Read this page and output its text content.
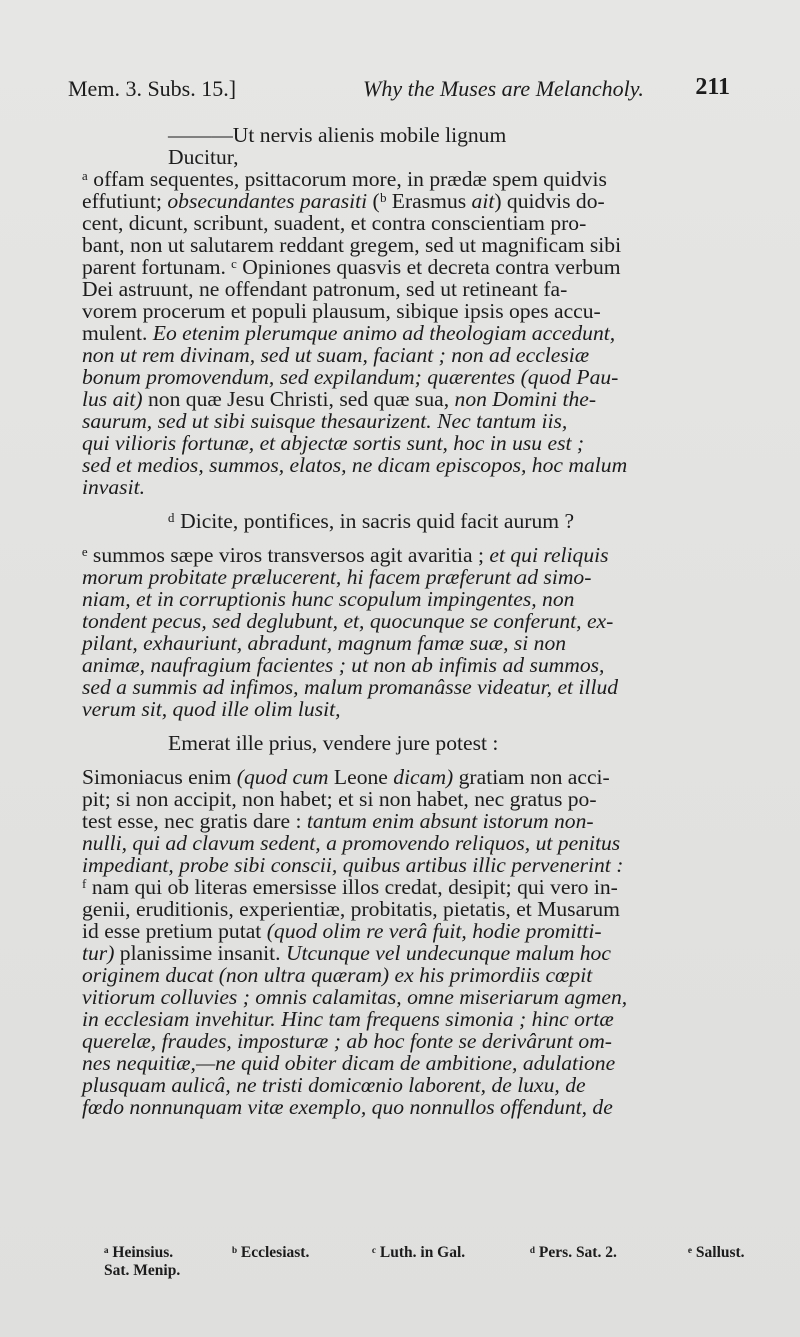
Mem. 3. Subs. 15.]	Why the Muses are Melancholy. 211
———Ut nervis alienis mobile lignum
Ducitur,
ᵃ offam sequentes, psittacorum more, in prædæ spem quidvis
effutiunt; obsecundantes parasiti (ᵇ Erasmus ait) quidvis do-
cent, dicunt, scribunt, suadent, et contra conscientiam pro-
bant, non ut salutarem reddant gregem, sed ut magnificam sibi
parent fortunam. ᶜ Opiniones quasvis et decreta contra verbum
Dei astruunt, ne offendant patronum, sed ut retineant fa-
vorem procerum et populi plausum, sibique ipsis opes accu-
mulent. Eo etenim plerumque animo ad theologiam accedunt,
non ut rem divinam, sed ut suam, faciant ; non ad ecclesiæ
bonum promovendum, sed expilandum; quærentes (quod Pau-
lus ait) non quæ Jesu Christi, sed quæ sua, non Domini the-
saurum, sed ut sibi suisque thesaurizent. Nec tantum iis,
qui vilioris fortunæ, et abjectæ sortis sunt, hoc in usu est ;
sed et medios, summos, elatos, ne dicam episcopos, hoc malum
invasit.
ᵈ Dicite, pontifices, in sacris quid facit aurum ?
ᵉ summos sæpe viros transversos agit avaritia ; et qui reliquis
morum probitate prælucerent, hi facem præferunt ad simo-
niam, et in corruptionis hunc scopulum impingentes, non
tondent pecus, sed deglubunt, et, quocunque se conferunt, ex-
pilant, exhauriunt, abradunt, magnum famæ suæ, si non
animæ, naufragium facientes ; ut non ab infimis ad summos,
sed a summis ad infimos, malum promanâsse videatur, et illud
verum sit, quod ille olim lusit,
Emerat ille prius, vendere jure potest :
Simoniacus enim (quod cum Leone dicam) gratiam non acci-
pit; si non accipit, non habet; et si non habet, nec gratus po-
test esse, nec gratis dare : tantum enim absunt istorum non-
nulli, qui ad clavum sedent, a promovendo reliquos, ut penitus
impediant, probe sibi conscii, quibus artibus illic pervenerint :
ᶠ nam qui ob literas emersisse illos credat, desipit; qui vero in-
genii, eruditionis, experientiæ, probitatis, pietatis, et Musarum
id esse pretium putat (quod olim re verâ fuit, hodie promitti-
tur) planissime insanit. Utcunque vel undecunque malum hoc
originem ducat (non ultra quæram) ex his primordiis cœpit
vitiorum colluvies ; omnis calamitas, omne miseriarum agmen,
in ecclesiam invehitur. Hinc tam frequens simonia ; hinc ortæ
querelæ, fraudes, imposturæ ; ab hoc fonte se derivârunt om-
nes nequitiæ,—ne quid obiter dicam de ambitione, adulatione
plusquam aulicâ, ne tristi domicœnio laborent, de luxu, de
fœdo nonnunquam vitæ exemplo, quo nonnullos offendunt, de
ᵃ Heinsius.	ᵇ Ecclesiast.	ᶜ Luth. in Gal.	ᵈ Pers. Sat. 2.	ᵉ Sallust.
Sat. Menip.
